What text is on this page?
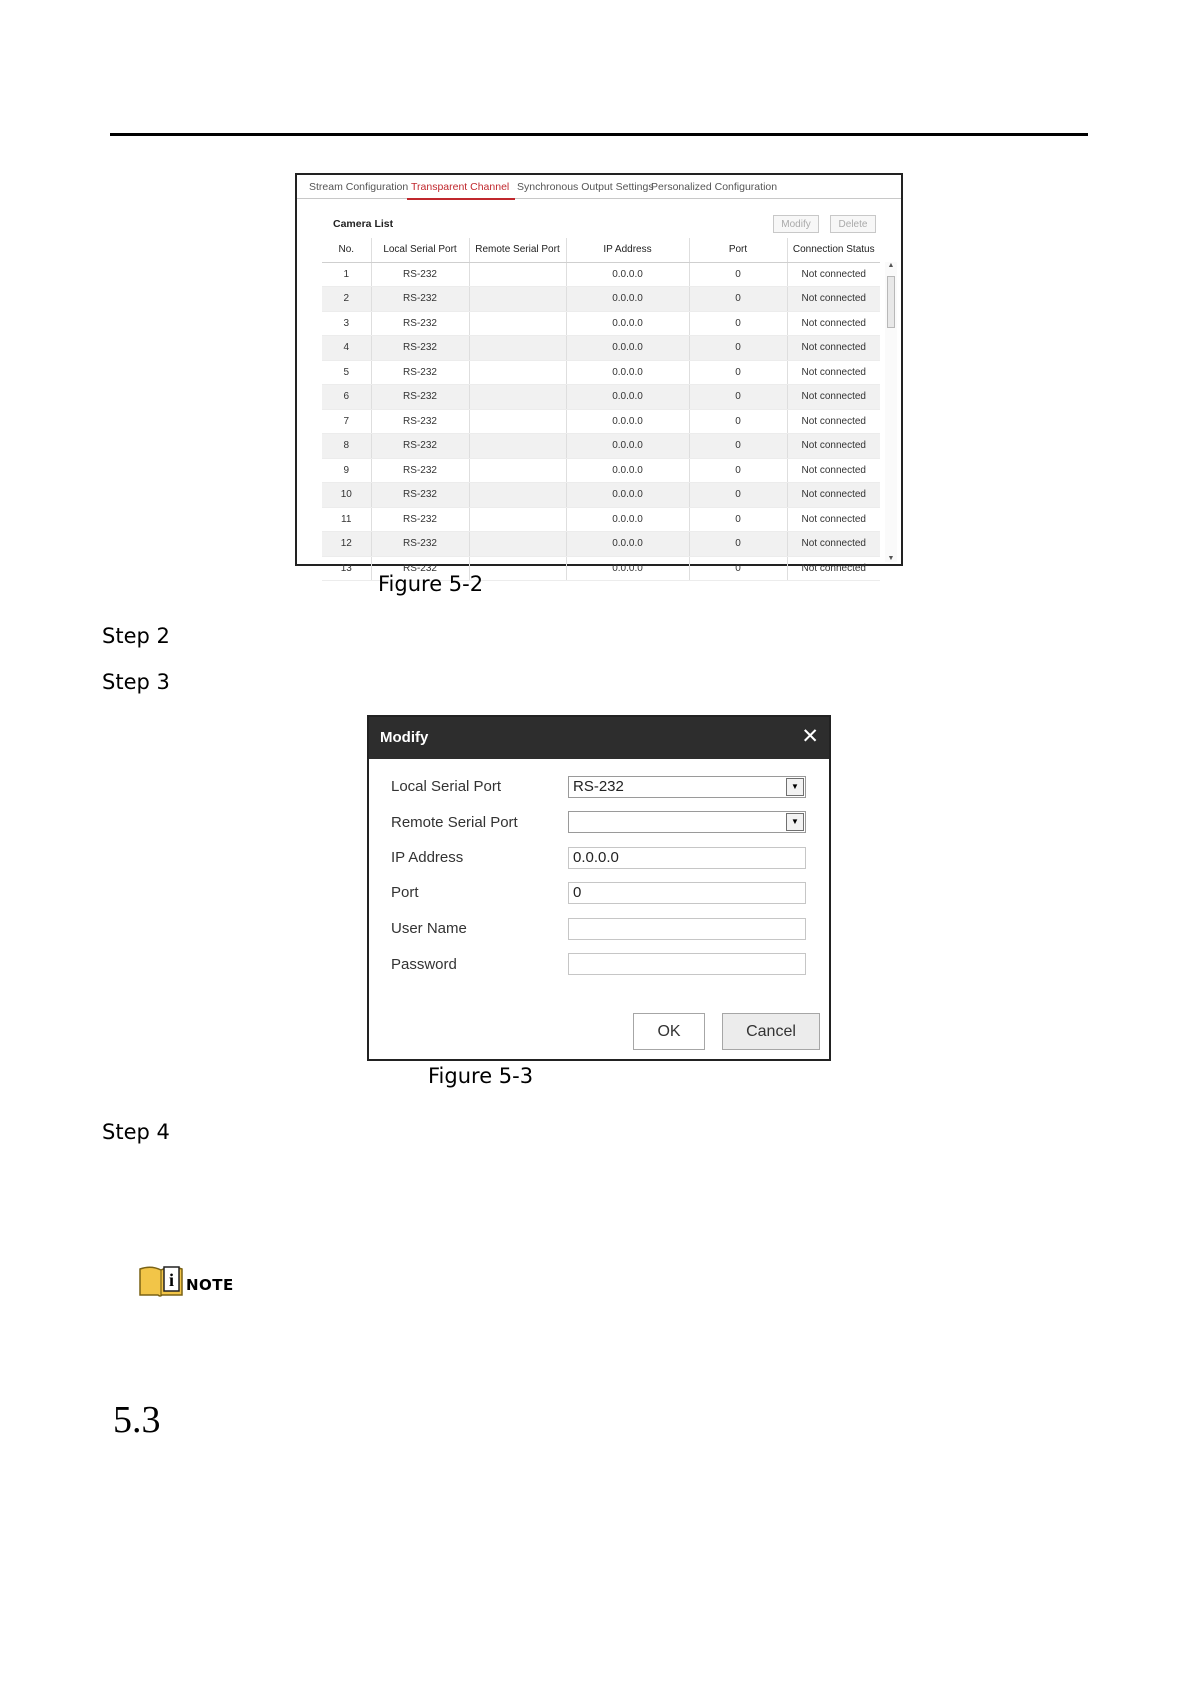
Stream Configuration Transparent Channel Synchronous Output Settings
Personalized Configuration
Camera List	Modify	Delete
No.	Local Serial Port	Remote Serial Port	IP Address	Port	Connection Status
1	RS-232		0.0.0.0	0	Not connected
2	RS-232		0.0.0.0	0	Not connected
3	RS-232		0.0.0.0	0	Not connected
4	RS-232		0.0.0.0	0	Not connected
5	RS-232		0.0.0.0	0	Not connected
6	RS-232		0.0.0.0	0	Not connected
7	RS-232		0.0.0.0	0	Not connected
8	RS-232		0.0.0.0	0	Not connected
9	RS-232		0.0.0.0	0	Not connected
10	RS-232		0.0.0.0	0	Not connected
11	RS-232		0.0.0.0	0	Not connected
12	RS-232		0.0.0.0	0	Not connected
13	RS-232		0.0.0.0	0	Not connected
▲
▼
Figure 5-2
Step 2
Step 3
Modify	✕
Local Serial Port	RS-232	▼
Remote Serial Port	▼
IP Address	0.0.0.0
Port	0
User Name
Password
OK	Cancel
Figure 5-3
Step 4
i NOTE
5.3
